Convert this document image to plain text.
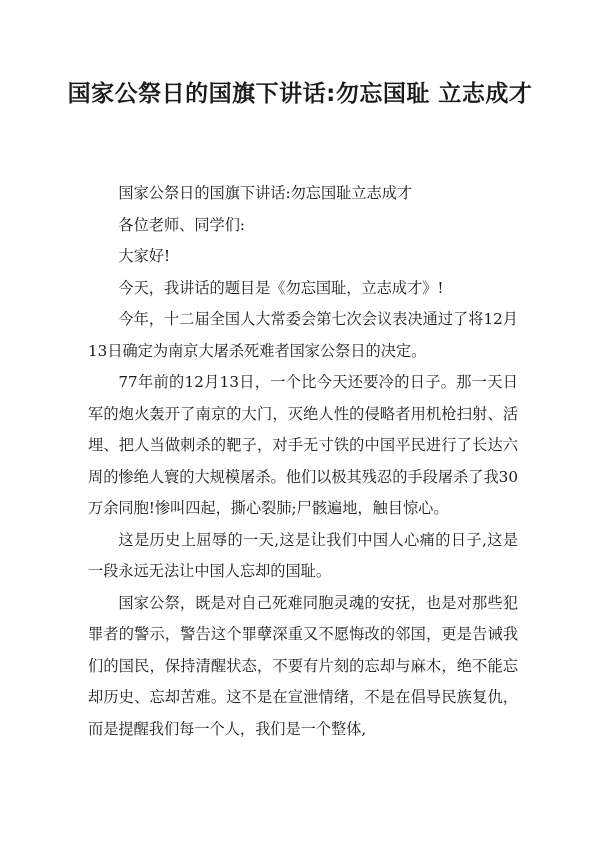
国家公祭日的国旗下讲话:勿忘国耻 立志成才

国家公祭日的国旗下讲话:勿忘国耻立志成才

各位老师、同学们:

大家好!

今天，我讲话的题目是《勿忘国耻，立志成才》!

今年，十二届全国人大常委会第七次会议表决通过了将12月13日确定为南京大屠杀死难者国家公祭日的决定。

77年前的12月13日，一个比今天还要冷的日子。那一天日军的炮火轰开了南京的大门，灭绝人性的侵略者用机枪扫射、活埋、把人当做刺杀的靶子，对手无寸铁的中国平民进行了长达六周的惨绝人寰的大规模屠杀。他们以极其残忍的手段屠杀了我30万余同胞!惨叫四起，撕心裂肺;尸骸遍地，触目惊心。

这是历史上屈辱的一天,这是让我们中国人心痛的日子,这是一段永远无法让中国人忘却的国耻。

国家公祭，既是对自己死难同胞灵魂的安抚，也是对那些犯罪者的警示，警告这个罪孽深重又不愿悔改的邻国，更是告诫我们的国民，保持清醒状态，不要有片刻的忘却与麻木，绝不能忘却历史、忘却苦难。这不是在宣泄情绪，不是在倡导民族复仇，而是提醒我们每一个人，我们是一个整体,
